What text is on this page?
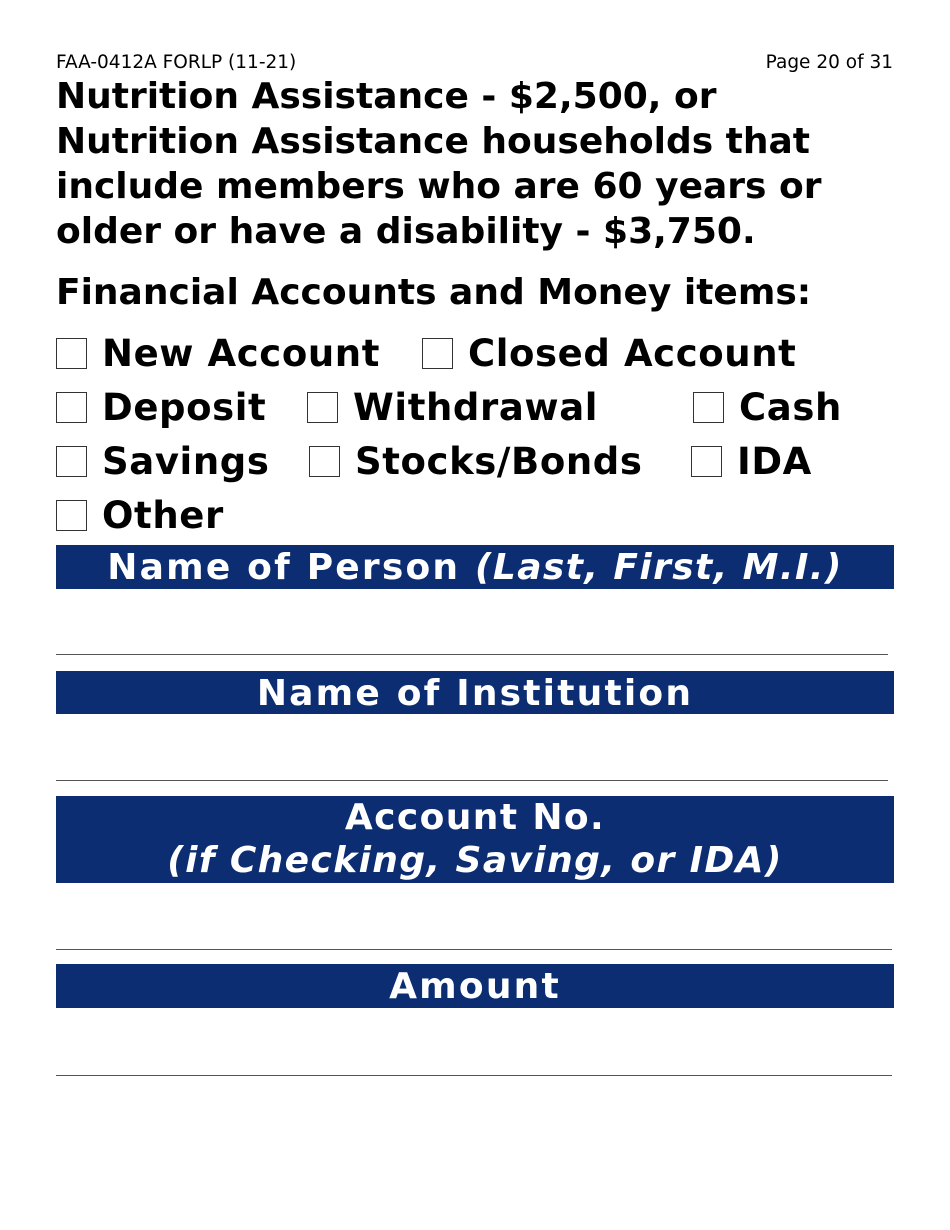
FAA-0412A FORLP (11-21)	Page 20 of 31

Nutrition Assistance - $2,500, or
Nutrition Assistance households that
include members who are 60 years or
older or have a disability - $3,750.

Financial Accounts and Money items:
New Account Closed Account
Deposit Withdrawal	Cash
Savings Stocks/Bonds	IDA
Other
Name of Person (Last, First, M.I.)
Name of Institution
Account No.
(if Checking, Saving, or IDA)
Amount
